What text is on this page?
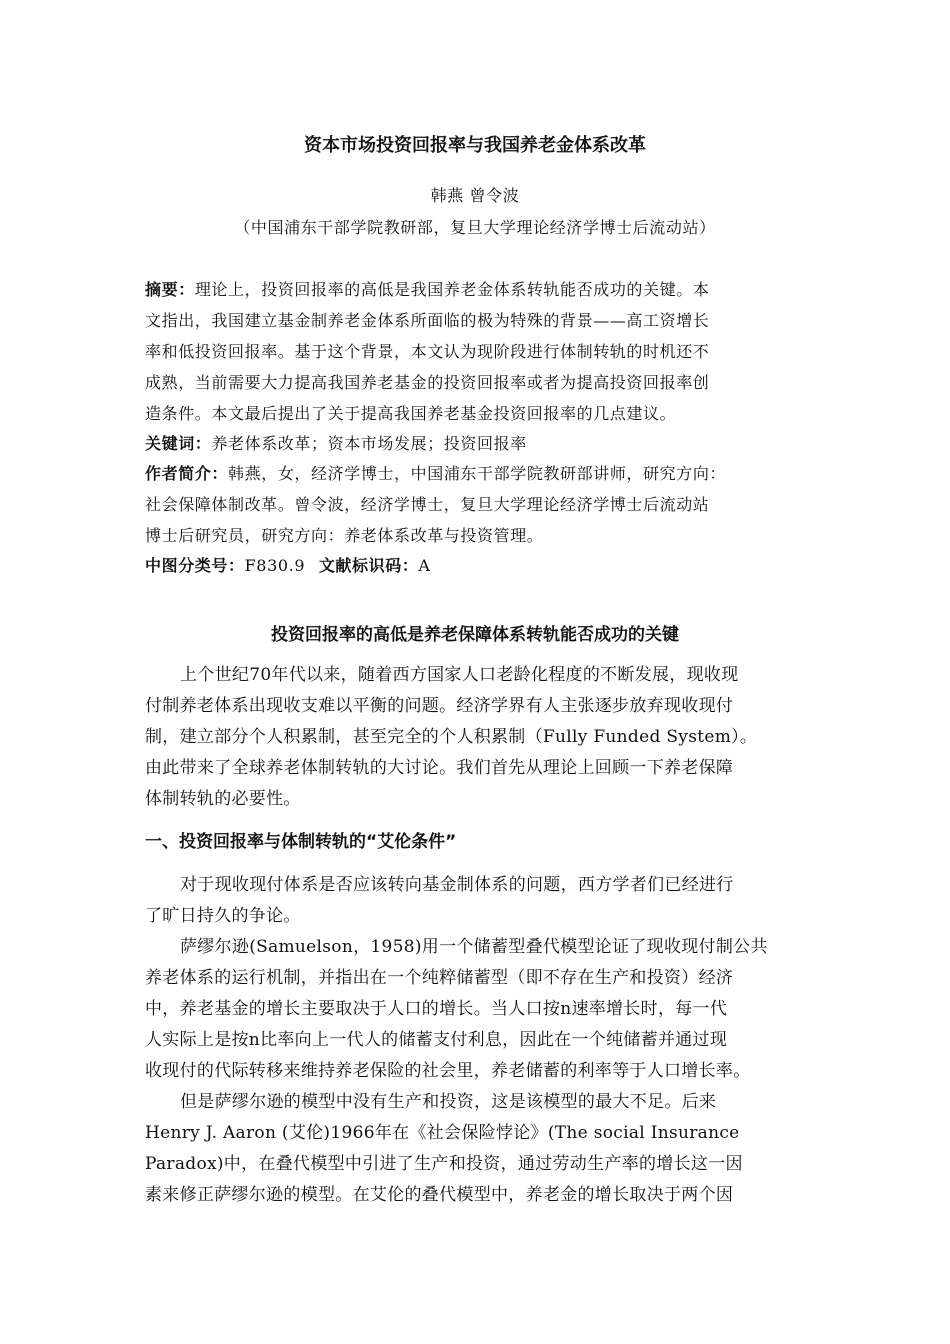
资本市场投资回报率与我国养老金体系改革
韩燕 曾令波
（中国浦东干部学院教研部，复旦大学理论经济学博士后流动站）
摘要：理论上，投资回报率的高低是我国养老金体系转轨能否成功的关键。本
文指出，我国建立基金制养老金体系所面临的极为特殊的背景——高工资增长
率和低投资回报率。基于这个背景，本文认为现阶段进行体制转轨的时机还不
成熟，当前需要大力提高我国养老基金的投资回报率或者为提高投资回报率创
造条件。本文最后提出了关于提高我国养老基金投资回报率的几点建议。
关键词：养老体系改革；资本市场发展；投资回报率
作者简介：韩燕，女，经济学博士，中国浦东干部学院教研部讲师，研究方向：
社会保障体制改革。曾令波，经济学博士，复旦大学理论经济学博士后流动站
博士后研究员，研究方向：养老体系改革与投资管理。
中图分类号：F830.9 文献标识码：A
投资回报率的高低是养老保障体系转轨能否成功的关键
上个世纪70年代以来，随着西方国家人口老龄化程度的不断发展，现收现
付制养老体系出现收支难以平衡的问题。经济学界有人主张逐步放弃现收现付
制，建立部分个人积累制，甚至完全的个人积累制（Fully Funded System）。
由此带来了全球养老体制转轨的大讨论。我们首先从理论上回顾一下养老保障
体制转轨的必要性。
一、投资回报率与体制转轨的“艾伦条件”
对于现收现付体系是否应该转向基金制体系的问题，西方学者们已经进行
了旷日持久的争论。
萨缪尔逊(Samuelson，1958)用一个储蓄型叠代模型论证了现收现付制公共
养老体系的运行机制，并指出在一个纯粹储蓄型（即不存在生产和投资）经济
中，养老基金的增长主要取决于人口的增长。当人口按n速率增长时，每一代
人实际上是按n比率向上一代人的储蓄支付利息，因此在一个纯储蓄并通过现
收现付的代际转移来维持养老保险的社会里，养老储蓄的利率等于人口增长率。
但是萨缪尔逊的模型中没有生产和投资，这是该模型的最大不足。后来
Henry J. Aaron (艾伦)1966年在《社会保险悖论》(The social Insurance
Paradox)中，在叠代模型中引进了生产和投资，通过劳动生产率的增长这一因
素来修正萨缪尔逊的模型。在艾伦的叠代模型中，养老金的增长取决于两个因
